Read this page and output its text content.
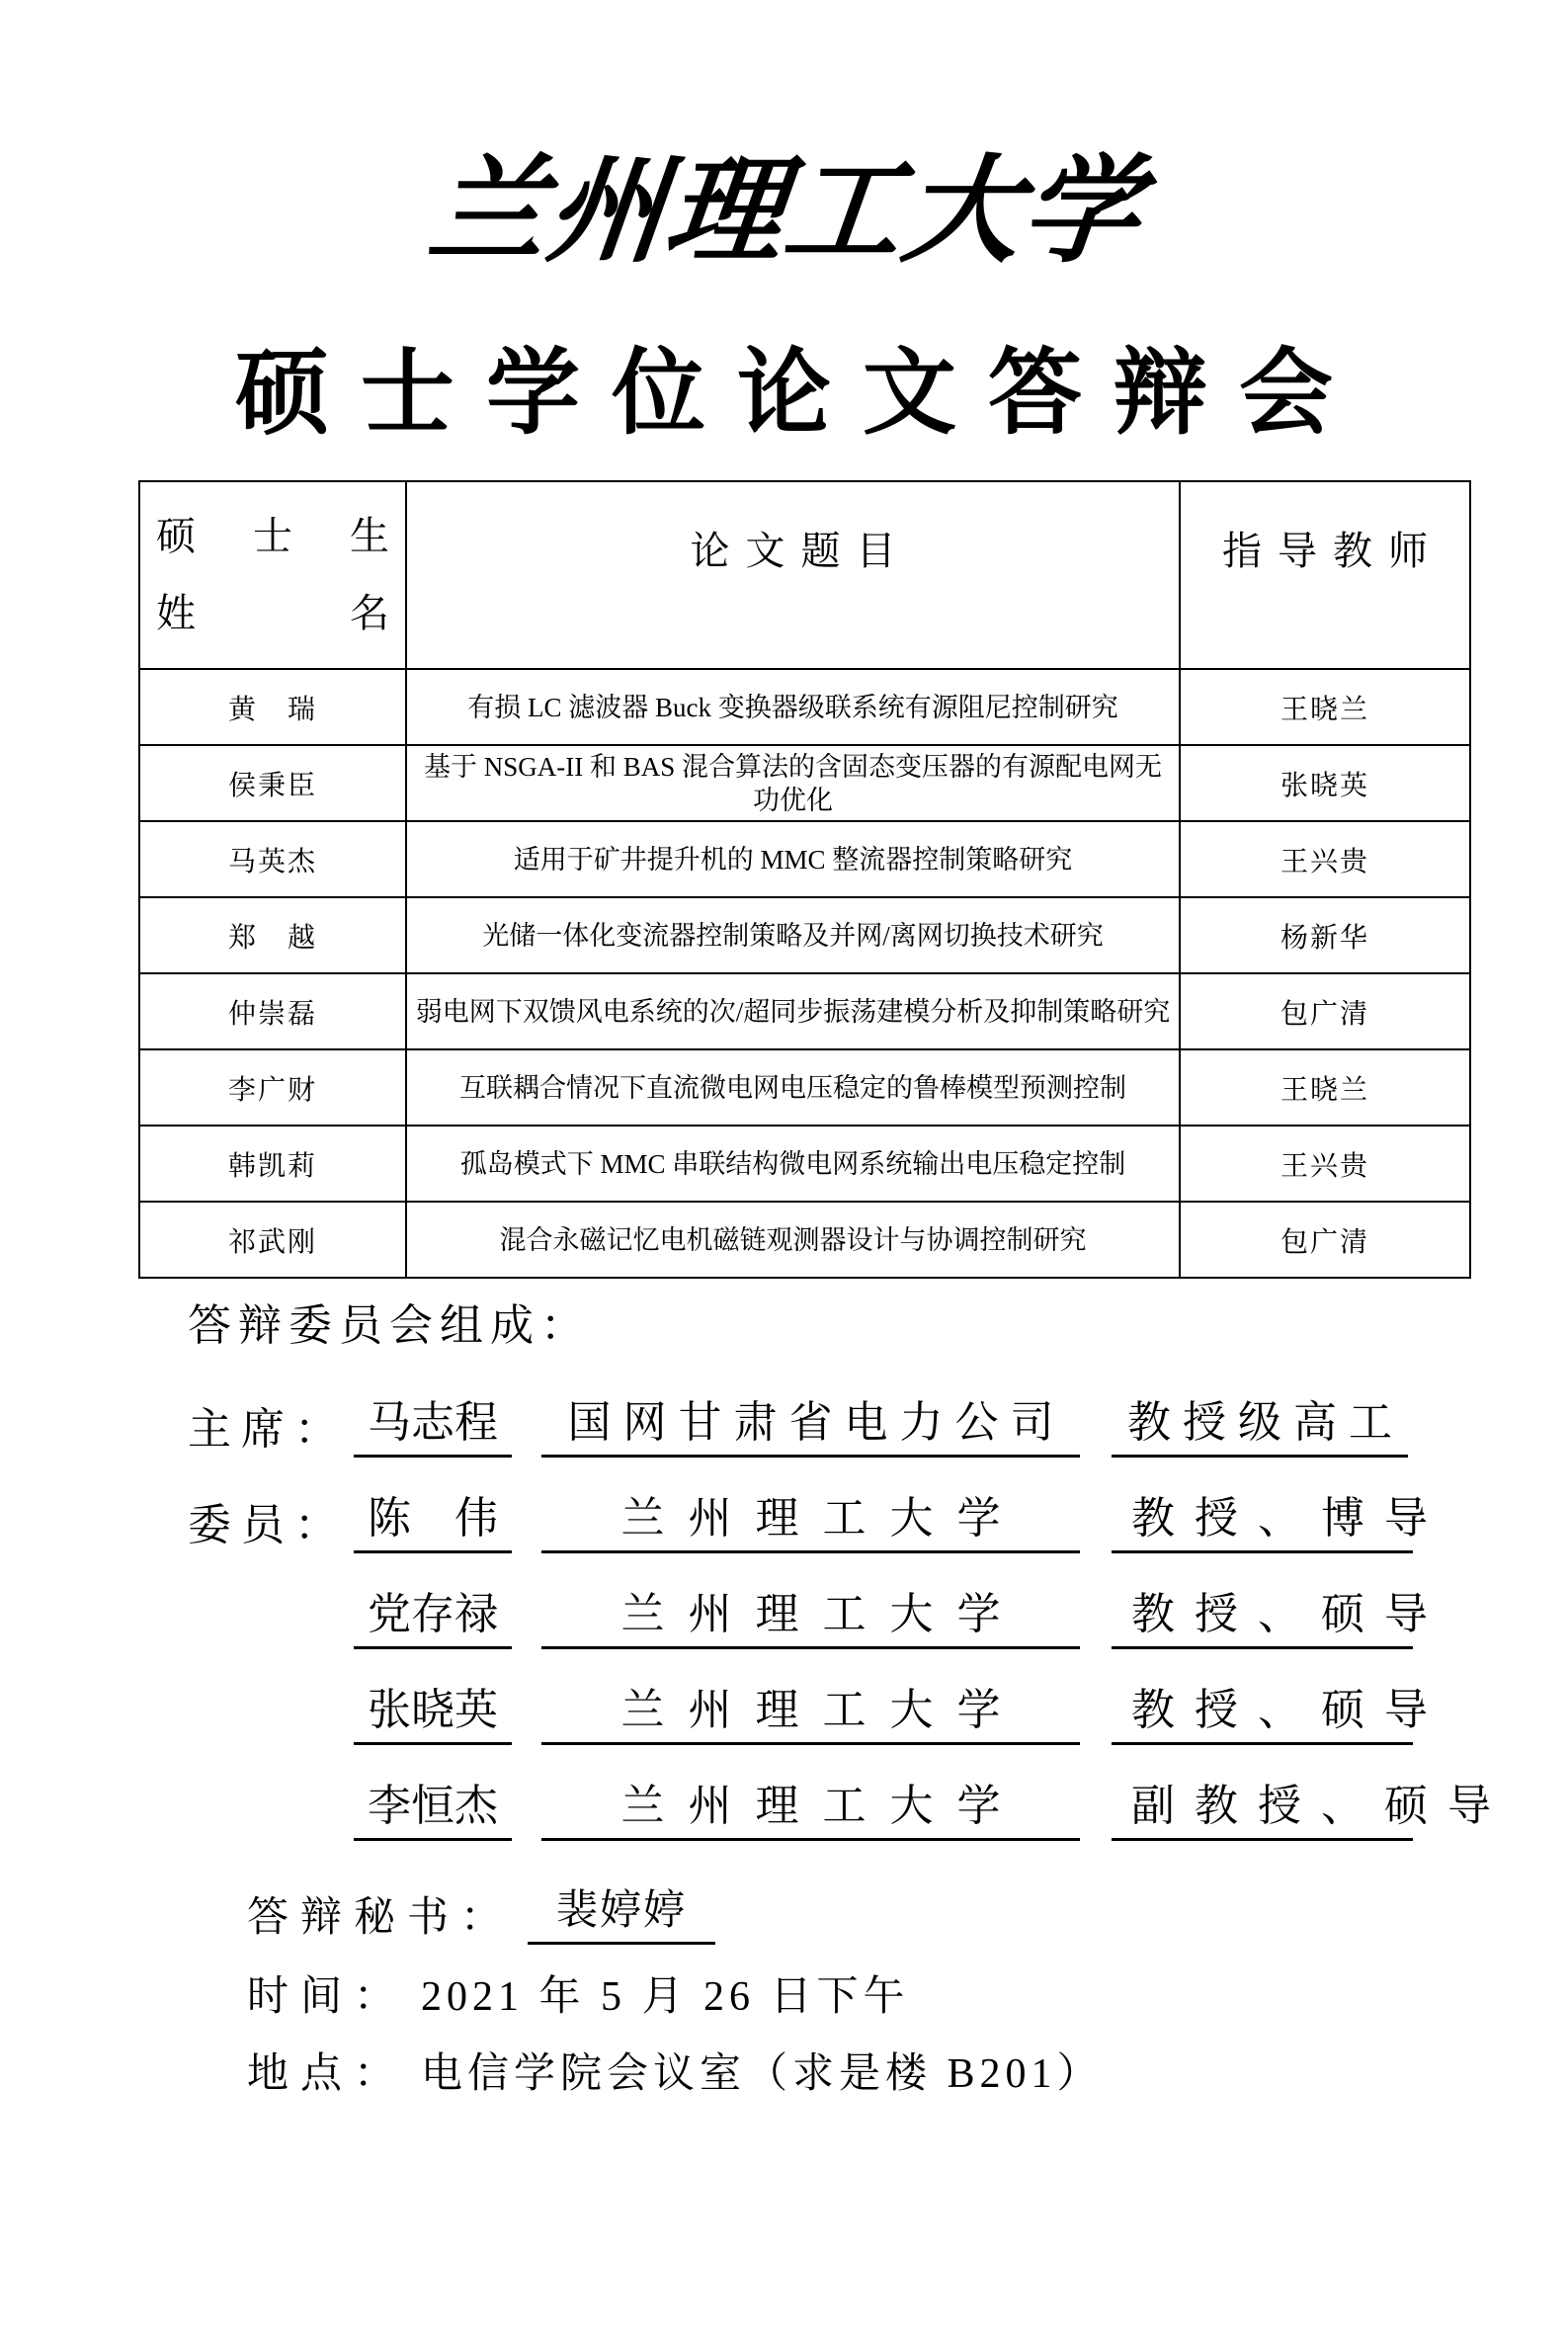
兰州理工大学
硕士学位论文答辩会
硕 士 生
姓 名	论文题目	指导教师
黄　瑞	有损 LC 滤波器 Buck 变换器级联系统有源阻尼控制研究	王晓兰
侯秉臣	基于 NSGA-II 和 BAS 混合算法的含固态变压器的有源配电网无功优化	张晓英
马英杰	适用于矿井提升机的 MMC 整流器控制策略研究	王兴贵
郑　越	光储一体化变流器控制策略及并网/离网切换技术研究	杨新华
仲崇磊	弱电网下双馈风电系统的次/超同步振荡建模分析及抑制策略研究	包广清
李广财	互联耦合情况下直流微电网电压稳定的鲁棒模型预测控制	王晓兰
韩凯莉	孤岛模式下 MMC 串联结构微电网系统输出电压稳定控制	王兴贵
祁武刚	混合永磁记忆电机磁链观测器设计与协调控制研究	包广清
答辩委员会组成：
主席： 马志程 国网甘肃省电力公司 教授级高工
委员： 陈　伟	兰州理工大学 教授、博导
党存禄	兰州理工大学 教授、硕导
张晓英	兰州理工大学 教授、硕导
李恒杰	兰州理工大学 副教授、硕导
答辩秘书： 裴婷婷
时间： 2021 年 5 月 26 日下午
地点： 电信学院会议室（求是楼 B201）
